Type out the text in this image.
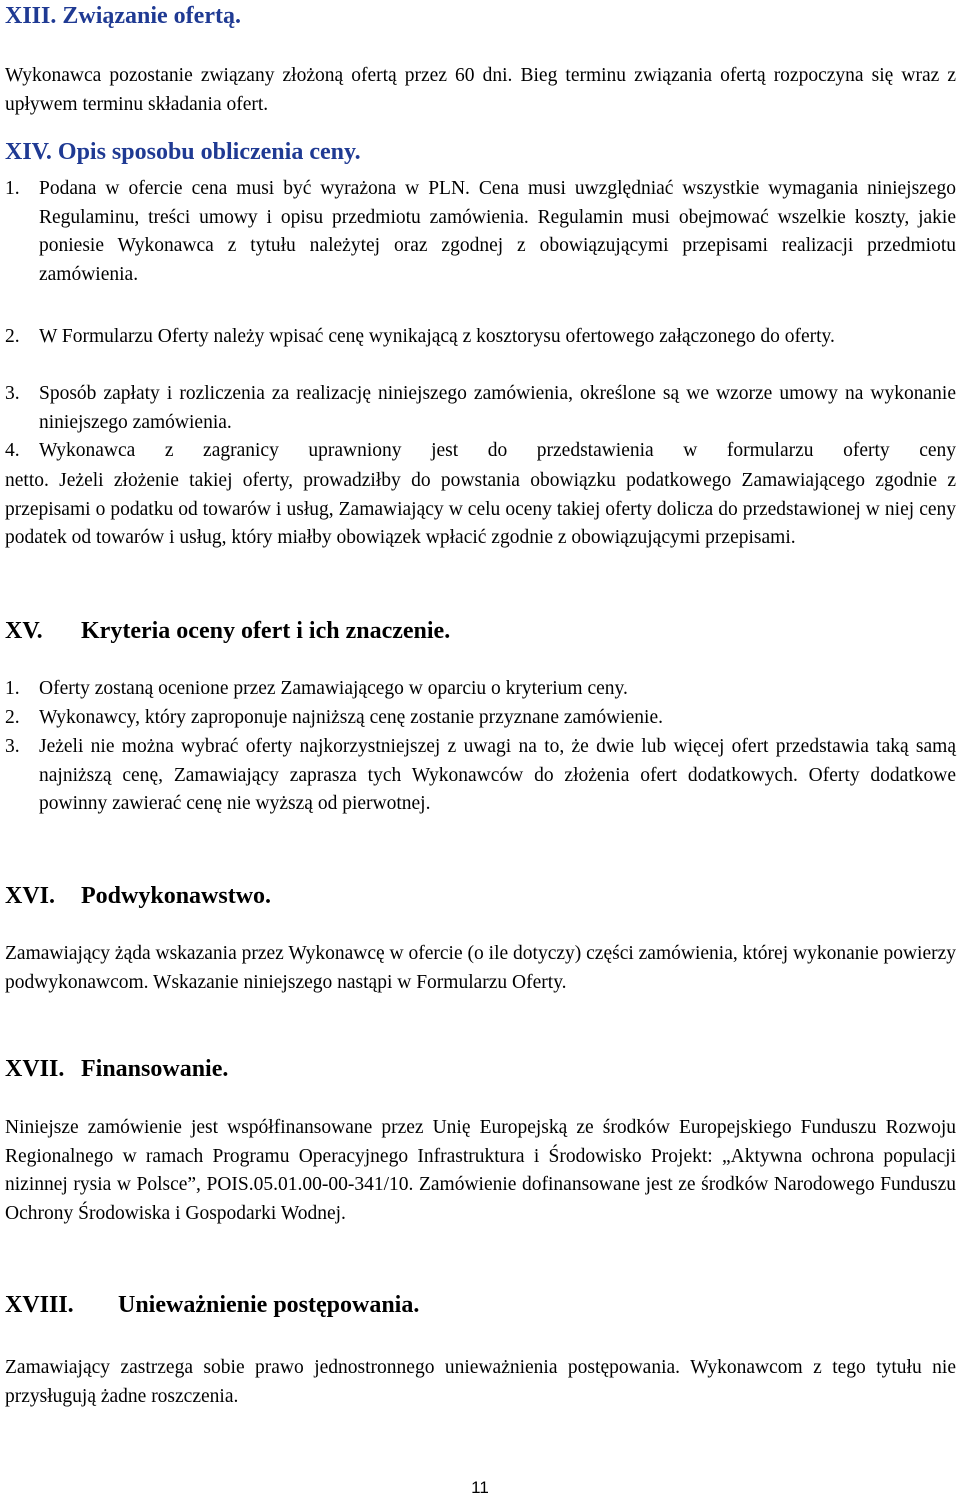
XIII. Związanie ofertą.
Wykonawca pozostanie związany złożoną ofertą przez 60 dni. Bieg terminu związania ofertą rozpoczyna się wraz z upływem terminu składania ofert.
XIV. Opis sposobu obliczenia ceny.
1. Podana w ofercie cena musi być wyrażona w PLN. Cena musi uwzględniać wszystkie wymagania niniejszego Regulaminu, treści umowy i opisu przedmiotu zamówienia. Regulamin musi obejmować wszelkie koszty, jakie poniesie Wykonawca z tytułu należytej oraz zgodnej z obowiązującymi przepisami realizacji przedmiotu zamówienia.
2. W Formularzu Oferty należy wpisać cenę wynikającą z kosztorysu ofertowego załączonego do oferty.
3. Sposób zapłaty i rozliczenia za realizację niniejszego zamówienia, określone są we wzorze umowy na wykonanie niniejszego zamówienia.
4. Wykonawca z zagranicy uprawniony jest do przedstawienia w formularzu oferty ceny
netto. Jeżeli złożenie takiej oferty, prowadziłby do powstania obowiązku podatkowego Zamawiającego zgodnie z przepisami o podatku od towarów i usług, Zamawiający w celu oceny takiej oferty dolicza do przedstawionej w niej ceny podatek od towarów i usług, który miałby obowiązek wpłacić zgodnie z obowiązującymi przepisami.
XV. Kryteria oceny ofert i ich znaczenie.
1. Oferty zostaną ocenione przez Zamawiającego w oparciu o kryterium ceny.
2. Wykonawcy, który zaproponuje najniższą cenę zostanie przyznane zamówienie.
3. Jeżeli nie można wybrać oferty najkorzystniejszej z uwagi na to, że dwie lub więcej ofert przedstawia taką samą najniższą cenę, Zamawiający zaprasza tych Wykonawców do złożenia ofert dodatkowych. Oferty dodatkowe powinny zawierać cenę nie wyższą od pierwotnej.
XVI. Podwykonawstwo.
Zamawiający żąda wskazania przez Wykonawcę w ofercie (o ile dotyczy) części zamówienia, której wykonanie powierzy podwykonawcom. Wskazanie niniejszego nastąpi w Formularzu Oferty.
XVII. Finansowanie.
Niniejsze zamówienie jest współfinansowane przez Unię Europejską ze środków Europejskiego Funduszu Rozwoju Regionalnego w ramach Programu Operacyjnego Infrastruktura i Środowisko Projekt: „Aktywna ochrona populacji nizinnej rysia w Polsce”, POIS.05.01.00-00-341/10. Zamówienie dofinansowane jest ze środków Narodowego Funduszu Ochrony Środowiska i Gospodarki Wodnej.
XVIII. Unieważnienie postępowania.
Zamawiający zastrzega sobie prawo jednostronnego unieważnienia postępowania. Wykonawcom z tego tytułu nie przysługują żadne roszczenia.
11
